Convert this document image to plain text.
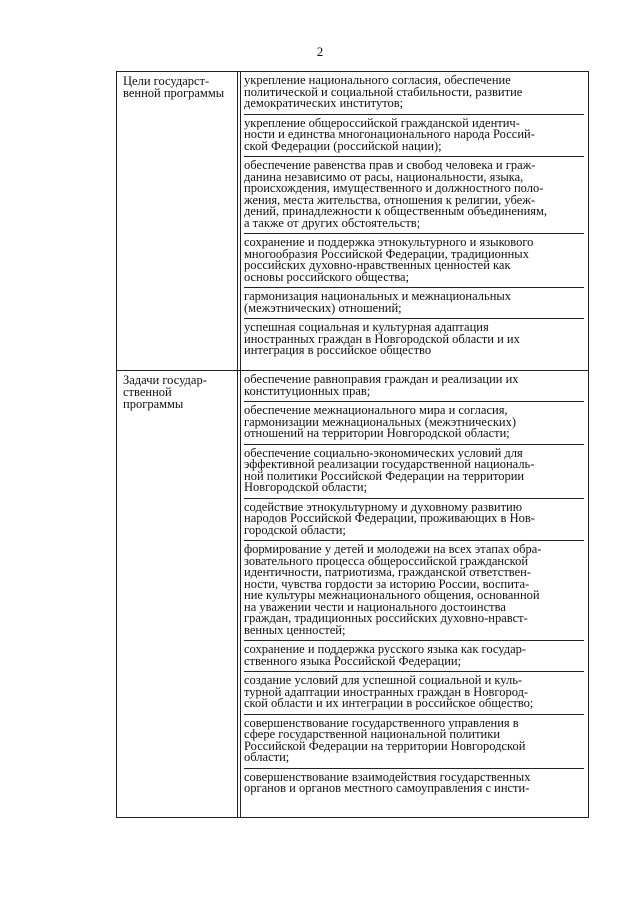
2
Цели государст-
венной программы
укрепление национального согласия, обеспечение
политической и социальной стабильности, развитие
демократических институтов;
укрепление общероссийской гражданской идентич-
ности и единства многонационального народа Россий-
ской Федерации (российской нации);
обеспечение равенства прав и свобод человека и граж-
данина независимо от расы, национальности, языка,
происхождения, имущественного и должностного поло-
жения, места жительства, отношения к религии, убеж-
дений, принадлежности к общественным объединениям,
а также от других обстоятельств;
сохранение и поддержка этнокультурного и языкового
многообразия Российской Федерации, традиционных
российских духовно-нравственных ценностей как
основы российского общества;
гармонизация национальных и межнациональных
(межэтнических) отношений;
успешная социальная и культурная адаптация
иностранных граждан в Новгородской области и их
интеграция в российское общество
Задачи государ-
ственной
программы
обеспечение равноправия граждан и реализации их
конституционных прав;
обеспечение межнационального мира и согласия,
гармонизации межнациональных (межэтнических)
отношений на территории Новгородской области;
обеспечение социально-экономических условий для
эффективной реализации государственной националь-
ной политики Российской Федерации на территории
Новгородской области;
содействие этнокультурному и духовному развитию
народов Российской Федерации, проживающих в Нов-
городской области;
формирование у детей и молодежи на всех этапах обра-
зовательного процесса общероссийской гражданской
идентичности, патриотизма, гражданской ответствен-
ности, чувства гордости за историю России, воспита-
ние культуры межнационального общения, основанной
на уважении чести и национального достоинства
граждан, традиционных российских духовно-нравст-
венных ценностей;
сохранение и поддержка русского языка как государ-
ственного языка Российской Федерации;
создание условий для успешной социальной и куль-
турной адаптации иностранных граждан в Новгород-
ской области и их интеграции в российское общество;
совершенствование государственного управления в
сфере государственной национальной политики
Российской Федерации на территории Новгородской
области;
совершенствование взаимодействия государственных
органов и органов местного самоуправления с инсти-
